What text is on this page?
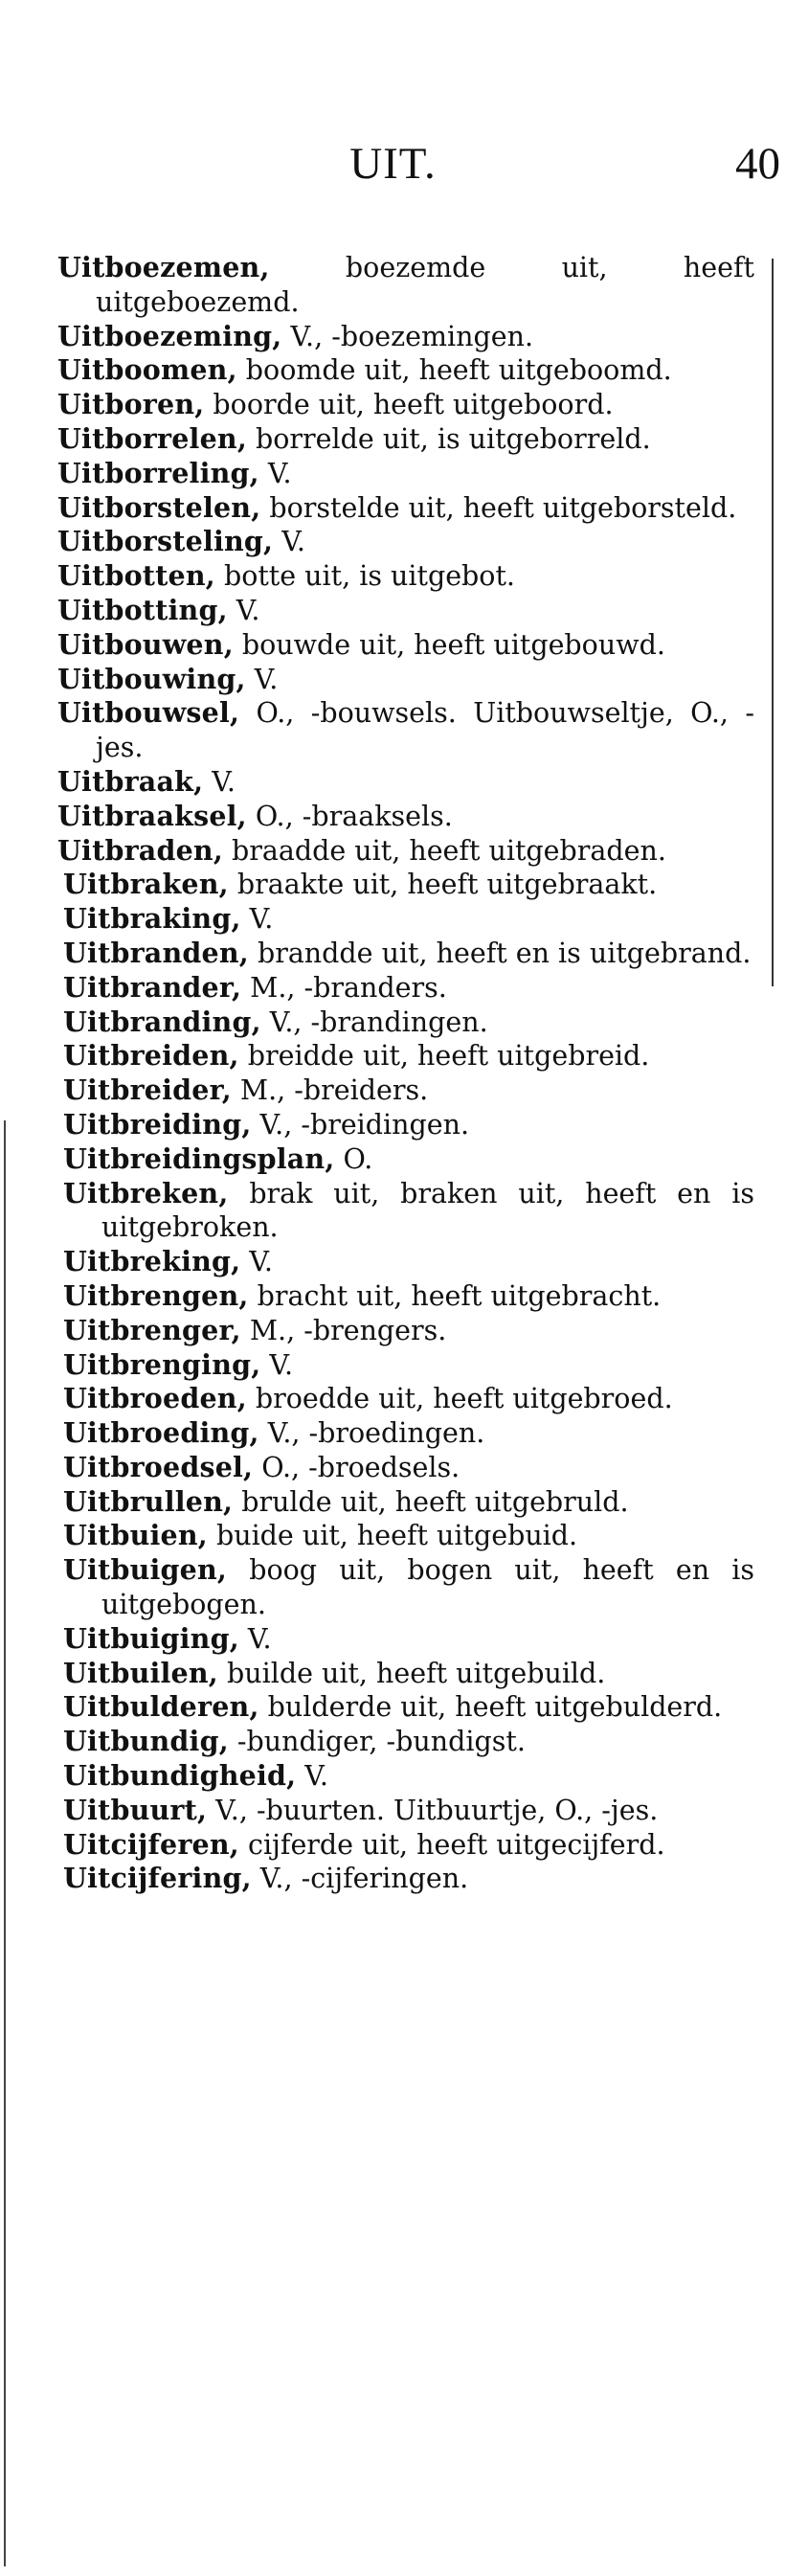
UIT.	40
Uitboezemen, boezemde uit, heeft uitgeboezemd.
Uitboezeming, V., -boezemingen.
Uitboomen, boomde uit, heeft uitgeboomd.
Uitboren, boorde uit, heeft uitgeboord.
Uitborrelen, borrelde uit, is uitgeborreld.
Uitborreling, V.
Uitborstelen, borstelde uit, heeft uitgeborsteld.
Uitborsteling, V.
Uitbotten, botte uit, is uitgebot.
Uitbotting, V.
Uitbouwen, bouwde uit, heeft uitgebouwd.
Uitbouwing, V.
Uitbouwsel, O., -bouwsels. Uitbouwseltje, O., -jes.
Uitbraak, V.
Uitbraaksel, O., -braaksels.
Uitbraden, braadde uit, heeft uitgebraden.
Uitbraken, braakte uit, heeft uitgebraakt.
Uitbraking, V.
Uitbranden, brandde uit, heeft en is uitgebrand.
Uitbrander, M., -branders.
Uitbranding, V., -brandingen.
Uitbreiden, breidde uit, heeft uitgebreid.
Uitbreider, M., -breiders.
Uitbreiding, V., -breidingen.
Uitbreidingsplan, O.
Uitbreken, brak uit, braken uit, heeft en is uitgebroken.
Uitbreking, V.
Uitbrengen, bracht uit, heeft uitgebracht.
Uitbrenger, M., -brengers.
Uitbrenging, V.
Uitbroeden, broedde uit, heeft uitgebroed.
Uitbroeding, V., -broedingen.
Uitbroedsel, O., -broedsels.
Uitbrullen, brulde uit, heeft uitgebruld.
Uitbuien, buide uit, heeft uitgebuid.
Uitbuigen, boog uit, bogen uit, heeft en is uitgebogen.
Uitbuiging, V.
Uitbuilen, builde uit, heeft uitgebuild.
Uitbulderen, bulderde uit, heeft uitgebulderd.
Uitbundig, -bundiger, -bundigst.
Uitbundigheid, V.
Uitbuurt, V., -buurten. Uitbuurtje, O., -jes.
Uitcijferen, cijferde uit, heeft uitgecijferd.
Uitcijfering, V., -cijferingen.
